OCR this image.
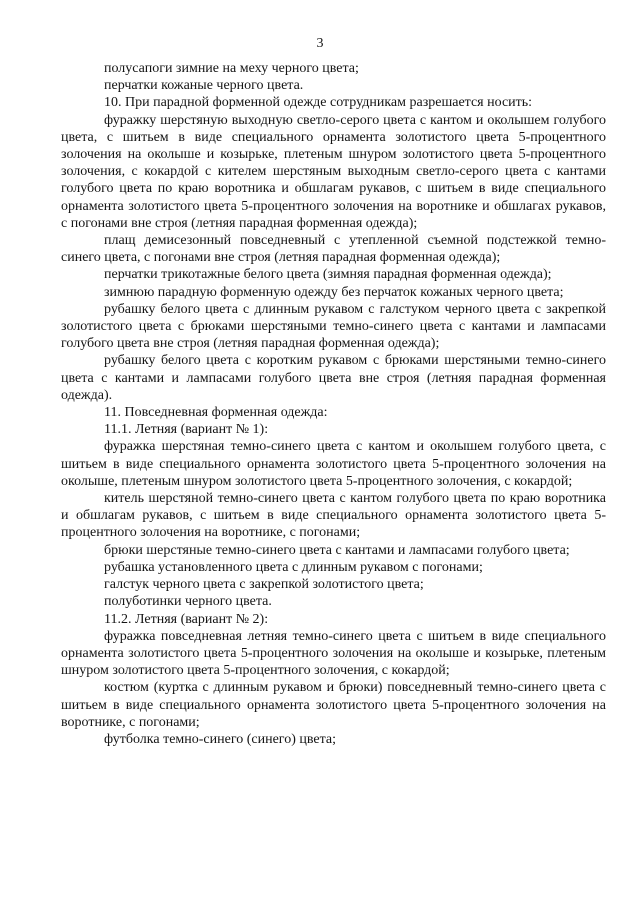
3

полусапоги зимние на меху черного цвета;

перчатки кожаные черного цвета.

10. При парадной форменной одежде сотрудникам разрешается носить:

фуражку шерстяную выходную светло-серого цвета с кантом и околышем голубого цвета, с шитьем в виде специального орнамента золотистого цвета 5-процентного золочения на околыше и козырьке, плетеным шнуром золотистого цвета 5-процентного золочения, с кокардой с кителем шерстяным выходным светло-серого цвета с кантами голубого цвета по краю воротника и обшлагам рукавов, с шитьем в виде специального орнамента золотистого цвета 5-процентного золочения на воротнике и обшлагах рукавов, с погонами вне строя (летняя парадная форменная одежда);

плащ демисезонный повседневный с утепленной съемной подстежкой темно-синего цвета, с погонами вне строя (летняя парадная форменная одежда);

перчатки трикотажные белого цвета (зимняя парадная форменная одежда);

зимнюю парадную форменную одежду без перчаток кожаных черного цвета;

рубашку белого цвета с длинным рукавом с галстуком черного цвета с закрепкой золотистого цвета с брюками шерстяными темно-синего цвета с кантами и лампасами голубого цвета вне строя (летняя парадная форменная одежда);

рубашку белого цвета с коротким рукавом с брюками шерстяными темно-синего цвета с кантами и лампасами голубого цвета вне строя (летняя парадная форменная одежда).

11. Повседневная форменная одежда:

11.1. Летняя (вариант № 1):

фуражка шерстяная темно-синего цвета с кантом и околышем голубого цвета, с шитьем в виде специального орнамента золотистого цвета 5-процентного золочения на околыше, плетеным шнуром золотистого цвета 5-процентного золочения, с кокардой;

китель шерстяной темно-синего цвета с кантом голубого цвета по краю воротника и обшлагам рукавов, с шитьем в виде специального орнамента золотистого цвета 5-процентного золочения на воротнике, с погонами;

брюки шерстяные темно-синего цвета с кантами и лампасами голубого цвета;

рубашка установленного цвета с длинным рукавом с погонами;

галстук черного цвета с закрепкой золотистого цвета;

полуботинки черного цвета.

11.2. Летняя (вариант № 2):

фуражка повседневная летняя темно-синего цвета с шитьем в виде специального орнамента золотистого цвета 5-процентного золочения на околыше и козырьке, плетеным шнуром золотистого цвета 5-процентного золочения, с кокардой;

костюм (куртка с длинным рукавом и брюки) повседневный темно-синего цвета с шитьем в виде специального орнамента золотистого цвета 5-процентного золочения на воротнике, с погонами;

футболка темно-синего (синего) цвета;
